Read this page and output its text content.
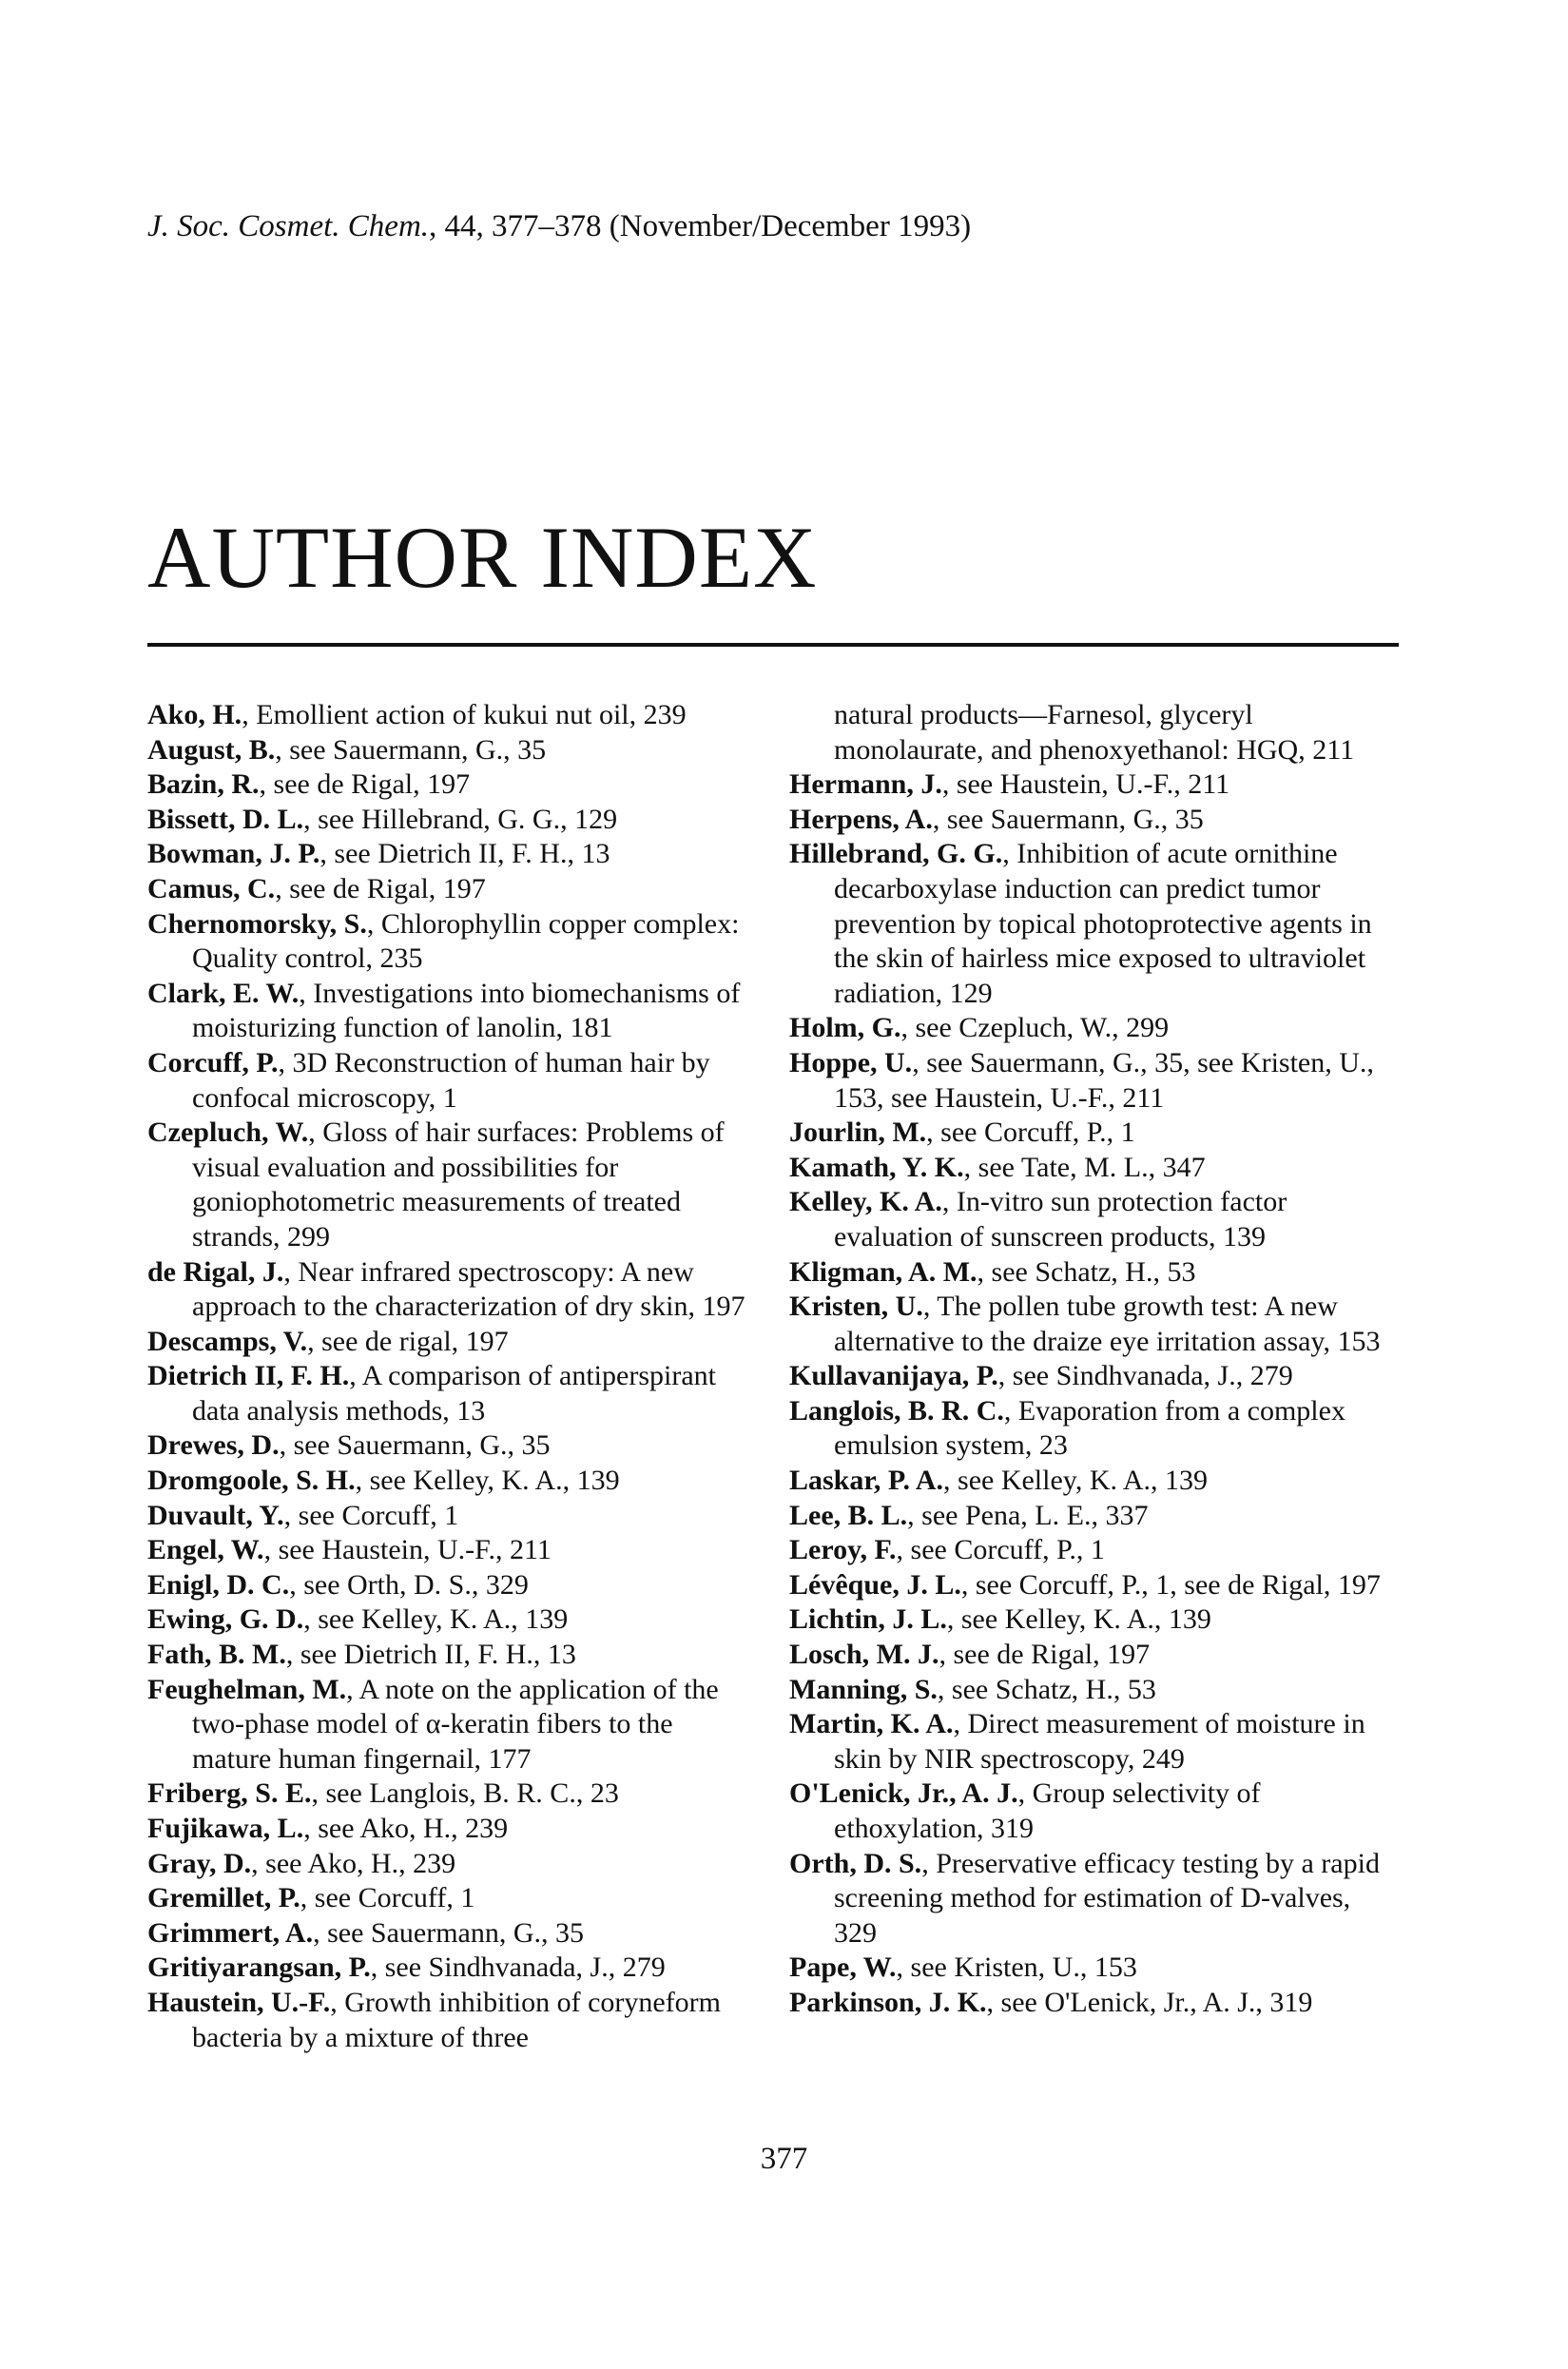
J. Soc. Cosmet. Chem., 44, 377–378 (November/December 1993)
AUTHOR INDEX
Ako, H., Emollient action of kukui nut oil, 239
August, B., see Sauermann, G., 35
Bazin, R., see de Rigal, 197
Bissett, D. L., see Hillebrand, G. G., 129
Bowman, J. P., see Dietrich II, F. H., 13
Camus, C., see de Rigal, 197
Chernomorsky, S., Chlorophyllin copper complex: Quality control, 235
Clark, E. W., Investigations into biomechanisms of moisturizing function of lanolin, 181
Corcuff, P., 3D Reconstruction of human hair by confocal microscopy, 1
Czepluch, W., Gloss of hair surfaces: Problems of visual evaluation and possibilities for goniophotometric measurements of treated strands, 299
de Rigal, J., Near infrared spectroscopy: A new approach to the characterization of dry skin, 197
Descamps, V., see de rigal, 197
Dietrich II, F. H., A comparison of antiperspirant data analysis methods, 13
Drewes, D., see Sauermann, G., 35
Dromgoole, S. H., see Kelley, K. A., 139
Duvault, Y., see Corcuff, 1
Engel, W., see Haustein, U.-F., 211
Enigl, D. C., see Orth, D. S., 329
Ewing, G. D., see Kelley, K. A., 139
Fath, B. M., see Dietrich II, F. H., 13
Feughelman, M., A note on the application of the two-phase model of α-keratin fibers to the mature human fingernail, 177
Friberg, S. E., see Langlois, B. R. C., 23
Fujikawa, L., see Ako, H., 239
Gray, D., see Ako, H., 239
Gremillet, P., see Corcuff, 1
Grimmert, A., see Sauermann, G., 35
Gritiyarangsan, P., see Sindhvanada, J., 279
Haustein, U.-F., Growth inhibition of coryneform bacteria by a mixture of three
natural products—Farnesol, glyceryl monolaurate, and phenoxyethanol: HGQ, 211
Hermann, J., see Haustein, U.-F., 211
Herpens, A., see Sauermann, G., 35
Hillebrand, G. G., Inhibition of acute ornithine decarboxylase induction can predict tumor prevention by topical photoprotective agents in the skin of hairless mice exposed to ultraviolet radiation, 129
Holm, G., see Czepluch, W., 299
Hoppe, U., see Sauermann, G., 35, see Kristen, U., 153, see Haustein, U.-F., 211
Jourlin, M., see Corcuff, P., 1
Kamath, Y. K., see Tate, M. L., 347
Kelley, K. A., In-vitro sun protection factor evaluation of sunscreen products, 139
Kligman, A. M., see Schatz, H., 53
Kristen, U., The pollen tube growth test: A new alternative to the draize eye irritation assay, 153
Kullavanijaya, P., see Sindhvanada, J., 279
Langlois, B. R. C., Evaporation from a complex emulsion system, 23
Laskar, P. A., see Kelley, K. A., 139
Lee, B. L., see Pena, L. E., 337
Leroy, F., see Corcuff, P., 1
Lévêque, J. L., see Corcuff, P., 1, see de Rigal, 197
Lichtin, J. L., see Kelley, K. A., 139
Losch, M. J., see de Rigal, 197
Manning, S., see Schatz, H., 53
Martin, K. A., Direct measurement of moisture in skin by NIR spectroscopy, 249
O'Lenick, Jr., A. J., Group selectivity of ethoxylation, 319
Orth, D. S., Preservative efficacy testing by a rapid screening method for estimation of D-valves, 329
Pape, W., see Kristen, U., 153
Parkinson, J. K., see O'Lenick, Jr., A. J., 319
377
